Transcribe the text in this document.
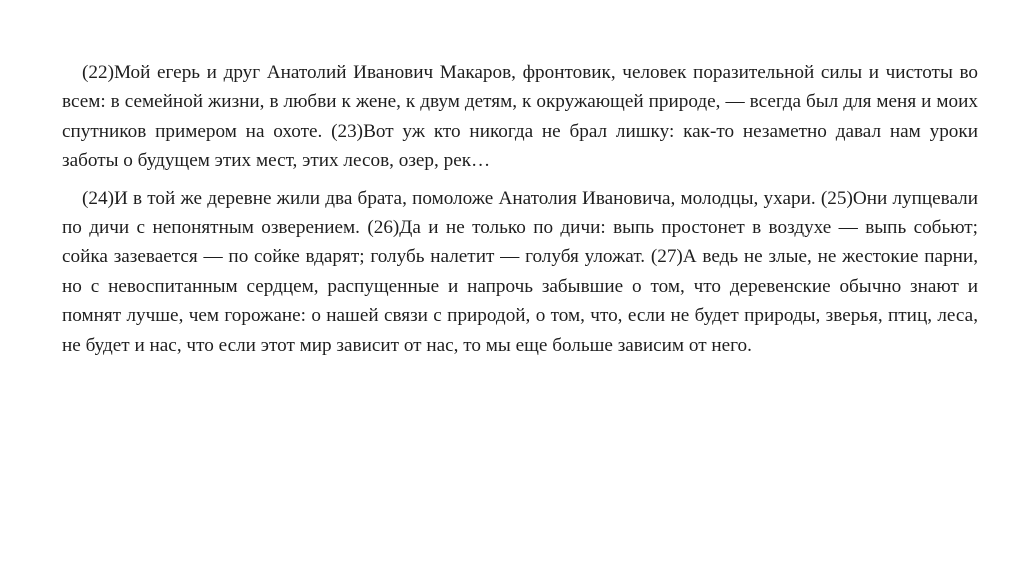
(22)Мой егерь и друг Анатолий Иванович Макаров, фронтовик, человек поразительной силы и чистоты во всем: в семейной жизни, в любви к жене, к двум детям, к окружающей природе, — всегда был для меня и моих спутников примером на охоте. (23)Вот уж кто никогда не брал лишку: как-то незаметно давал нам уроки заботы о будущем этих мест, этих лесов, озер, рек…

(24)И в той же деревне жили два брата, помоложе Анатолия Ивановича, молодцы, ухари. (25)Они лупцевали по дичи с непонятным озверением. (26)Да и не только по дичи: выпь простонет в воздухе — выпь собьют; сойка зазевается — по сойке вдарят; голубь налетит — голубя уложат. (27)А ведь не злые, не жестокие парни, но с невоспитанным сердцем, распущенные и напрочь забывшие о том, что деревенские обычно знают и помнят лучше, чем горожане: о нашей связи с природой, о том, что, если не будет природы, зверья, птиц, леса, не будет и нас, что если этот мир зависит от нас, то мы еще больше зависим от него.
